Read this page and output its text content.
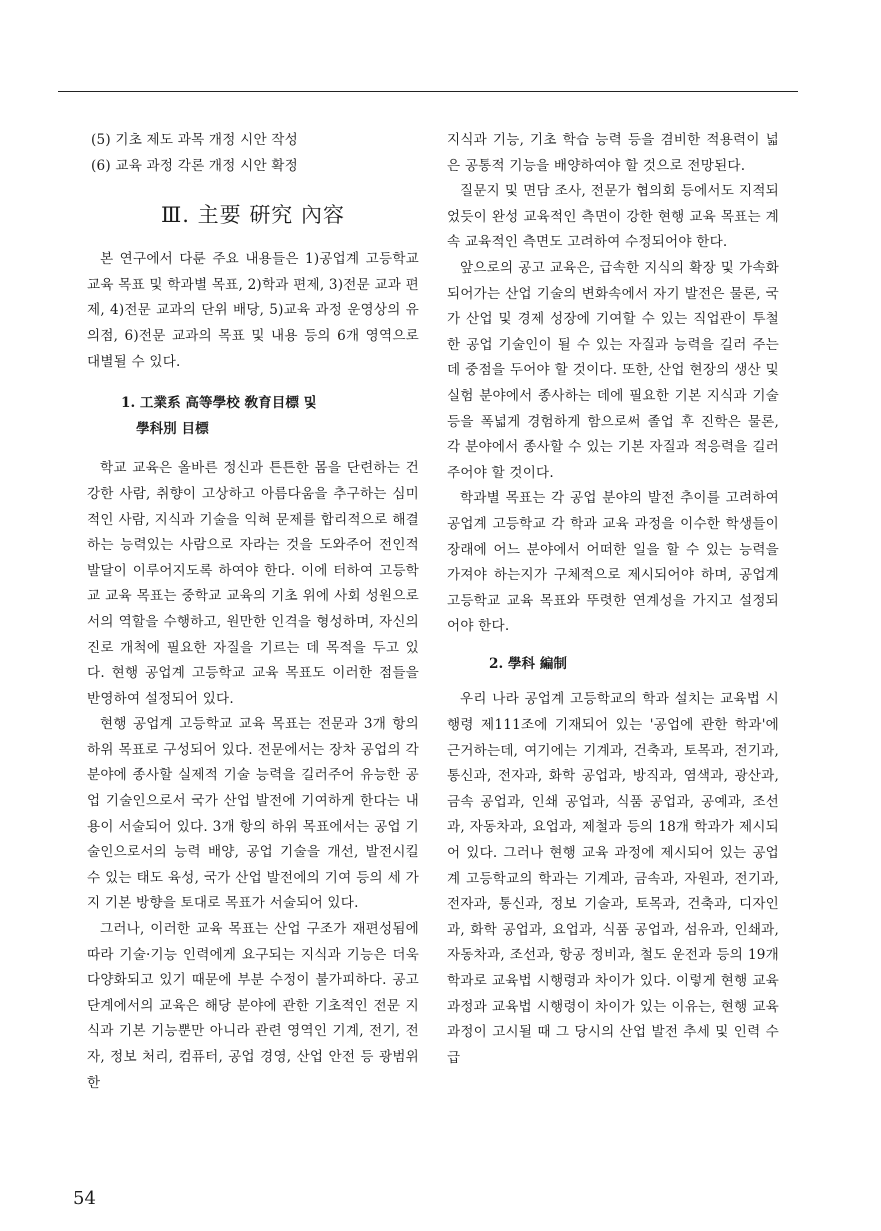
(5) 기초 제도 과목 개정 시안 작성

(6) 교육 과정 각론 개정 시안 확정

Ⅲ. 主要 硏究 內容

본 연구에서 다룬 주요 내용들은 1)공업계 고등학교 교육 목표 및 학과별 목표, 2)학과 편제, 3)전문 교과 편제, 4)전문 교과의 단위 배당, 5)교육 과정 운영상의 유의점, 6)전문 교과의 목표 및 내용 등의 6개 영역으로 대별될 수 있다.

1. 工業系 高等學校 敎育目標 및
學科別 目標

학교 교육은 올바른 정신과 튼튼한 몸을 단련하는 건강한 사람, 취향이 고상하고 아름다움을 추구하는 심미적인 사람, 지식과 기술을 익혀 문제를 합리적으로 해결하는 능력있는 사람으로 자라는 것을 도와주어 전인적 발달이 이루어지도록 하여야 한다. 이에 터하여 고등학교 교육 목표는 중학교 교육의 기초 위에 사회 성원으로서의 역할을 수행하고, 원만한 인격을 형성하며, 자신의 진로 개척에 필요한 자질을 기르는 데 목적을 두고 있다. 현행 공업계 고등학교 교육 목표도 이러한 점들을 반영하여 설정되어 있다.

현행 공업계 고등학교 교육 목표는 전문과 3개 항의 하위 목표로 구성되어 있다. 전문에서는 장차 공업의 각 분야에 종사할 실제적 기술 능력을 길러주어 유능한 공업 기술인으로서 국가 산업 발전에 기여하게 한다는 내용이 서술되어 있다. 3개 항의 하위 목표에서는 공업 기술인으로서의 능력 배양, 공업 기술을 개선, 발전시킬 수 있는 태도 육성, 국가 산업 발전에의 기여 등의 세 가지 기본 방향을 토대로 목표가 서술되어 있다.

그러나, 이러한 교육 목표는 산업 구조가 재편성됨에 따라 기술·기능 인력에게 요구되는 지식과 기능은 더욱 다양화되고 있기 때문에 부분 수정이 불가피하다. 공고 단계에서의 교육은 해당 분야에 관한 기초적인 전문 지식과 기본 기능뿐만 아니라 관련 영역인 기계, 전기, 전자, 정보 처리, 컴퓨터, 공업 경영, 산업 안전 등 광범위한

지식과 기능, 기초 학습 능력 등을 겸비한 적용력이 넓은 공통적 기능을 배양하여야 할 것으로 전망된다.

질문지 및 면담 조사, 전문가 협의회 등에서도 지적되었듯이 완성 교육적인 측면이 강한 현행 교육 목표는 계속 교육적인 측면도 고려하여 수정되어야 한다.

앞으로의 공고 교육은, 급속한 지식의 확장 및 가속화 되어가는 산업 기술의 변화속에서 자기 발전은 물론, 국가 산업 및 경제 성장에 기여할 수 있는 직업관이 투철한 공업 기술인이 될 수 있는 자질과 능력을 길러 주는 데 중점을 두어야 할 것이다. 또한, 산업 현장의 생산 및 실험 분야에서 종사하는 데에 필요한 기본 지식과 기술 등을 폭넓게 경험하게 함으로써 졸업 후 진학은 물론, 각 분야에서 종사할 수 있는 기본 자질과 적응력을 길러 주어야 할 것이다.

학과별 목표는 각 공업 분야의 발전 추이를 고려하여 공업계 고등학교 각 학과 교육 과정을 이수한 학생들이 장래에 어느 분야에서 어떠한 일을 할 수 있는 능력을 가져야 하는지가 구체적으로 제시되어야 하며, 공업계 고등학교 교육 목표와 뚜렷한 연계성을 가지고 설정되어야 한다.

2. 學科 編制

우리 나라 공업계 고등학교의 학과 설치는 교육법 시행령 제111조에 기재되어 있는 '공업에 관한 학과'에 근거하는데, 여기에는 기계과, 건축과, 토목과, 전기과, 통신과, 전자과, 화학 공업과, 방직과, 염색과, 광산과, 금속 공업과, 인쇄 공업과, 식품 공업과, 공예과, 조선과, 자동차과, 요업과, 제철과 등의 18개 학과가 제시되어 있다. 그러나 현행 교육 과정에 제시되어 있는 공업계 고등학교의 학과는 기계과, 금속과, 자원과, 전기과, 전자과, 통신과, 정보 기술과, 토목과, 건축과, 디자인과, 화학 공업과, 요업과, 식품 공업과, 섬유과, 인쇄과, 자동차과, 조선과, 항공 정비과, 철도 운전과 등의 19개 학과로 교육법 시행령과 차이가 있다. 이렇게 현행 교육 과정과 교육법 시행령이 차이가 있는 이유는, 현행 교육 과정이 고시될 때 그 당시의 산업 발전 추세 및 인력 수급

54
